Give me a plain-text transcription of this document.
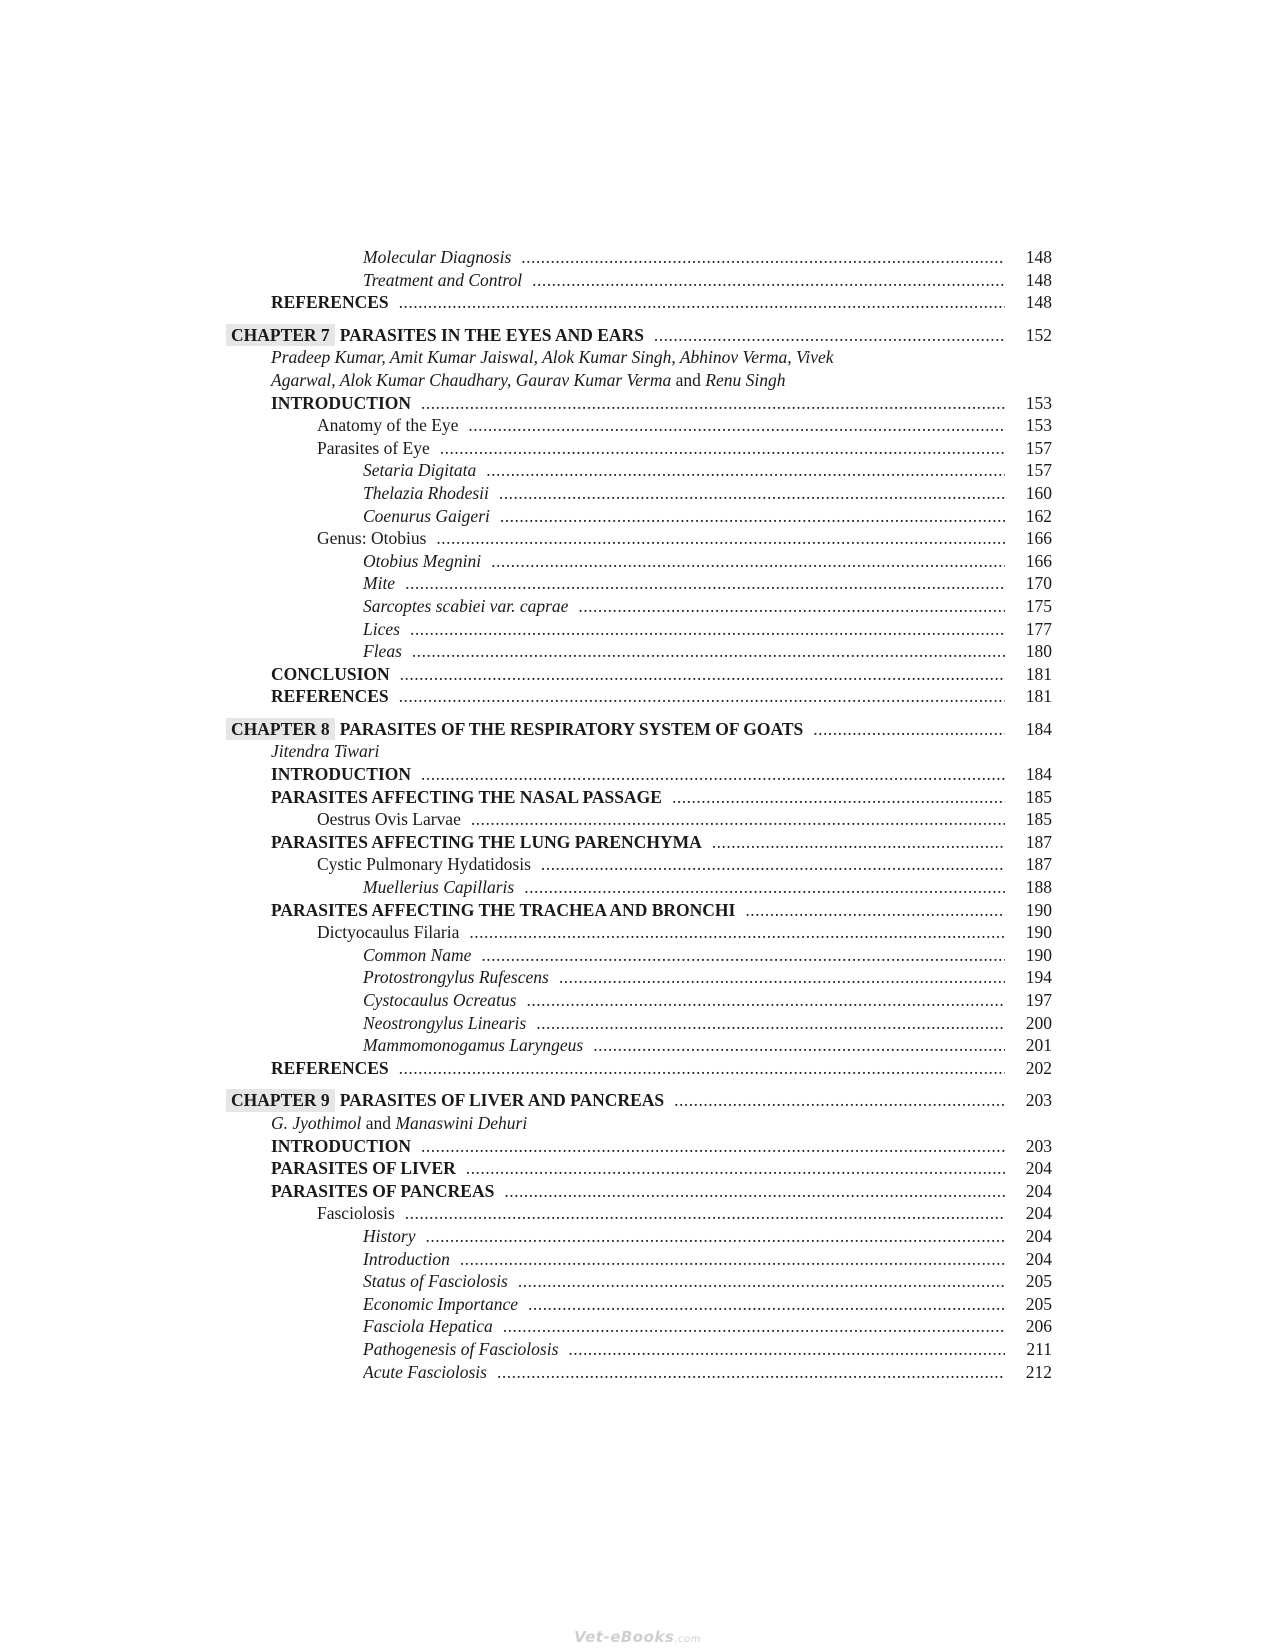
Molecular Diagnosis .....	148
Treatment and Control .....	148
REFERENCES .....	148
CHAPTER 7 PARASITES IN THE EYES AND EARS .....	152
Pradeep Kumar, Amit Kumar Jaiswal, Alok Kumar Singh, Abhinov Verma, Vivek Agarwal, Alok Kumar Chaudhary, Gaurav Kumar Verma and Renu Singh
INTRODUCTION .....	153
Anatomy of the Eye .....	153
Parasites of Eye .....	157
Setaria Digitata .....	157
Thelazia Rhodesii .....	160
Coenurus Gaigeri .....	162
Genus: Otobius .....	166
Otobius Megnini .....	166
Mite .....	170
Sarcoptes scabiei var. caprae .....	175
Lices .....	177
Fleas .....	180
CONCLUSION .....	181
REFERENCES .....	181
CHAPTER 8 PARASITES OF THE RESPIRATORY SYSTEM OF GOATS .....	184
Jitendra Tiwari
INTRODUCTION .....	184
PARASITES AFFECTING THE NASAL PASSAGE .....	185
Oestrus Ovis Larvae .....	185
PARASITES AFFECTING THE LUNG PARENCHYMA .....	187
Cystic Pulmonary Hydatidosis .....	187
Muellerius Capillaris .....	188
PARASITES AFFECTING THE TRACHEA AND BRONCHI .....	190
Dictyocaulus Filaria .....	190
Common Name .....	190
Protostrongylus Rufescens .....	194
Cystocaulus Ocreatus .....	197
Neostrongylus Linearis .....	200
Mammomonogamus Laryngeus .....	201
REFERENCES .....	202
CHAPTER 9 PARASITES OF LIVER AND PANCREAS .....	203
G. Jyothimol and Manaswini Dehuri
INTRODUCTION .....	203
PARASITES OF LIVER .....	204
PARASITES OF PANCREAS .....	204
Fasciolosis .....	204
History .....	204
Introduction .....	204
Status of Fasciolosis .....	205
Economic Importance .....	205
Fasciola Hepatica .....	206
Pathogenesis of Fasciolosis .....	211
Acute Fasciolosis .....	212
Vet-eBooks.com
